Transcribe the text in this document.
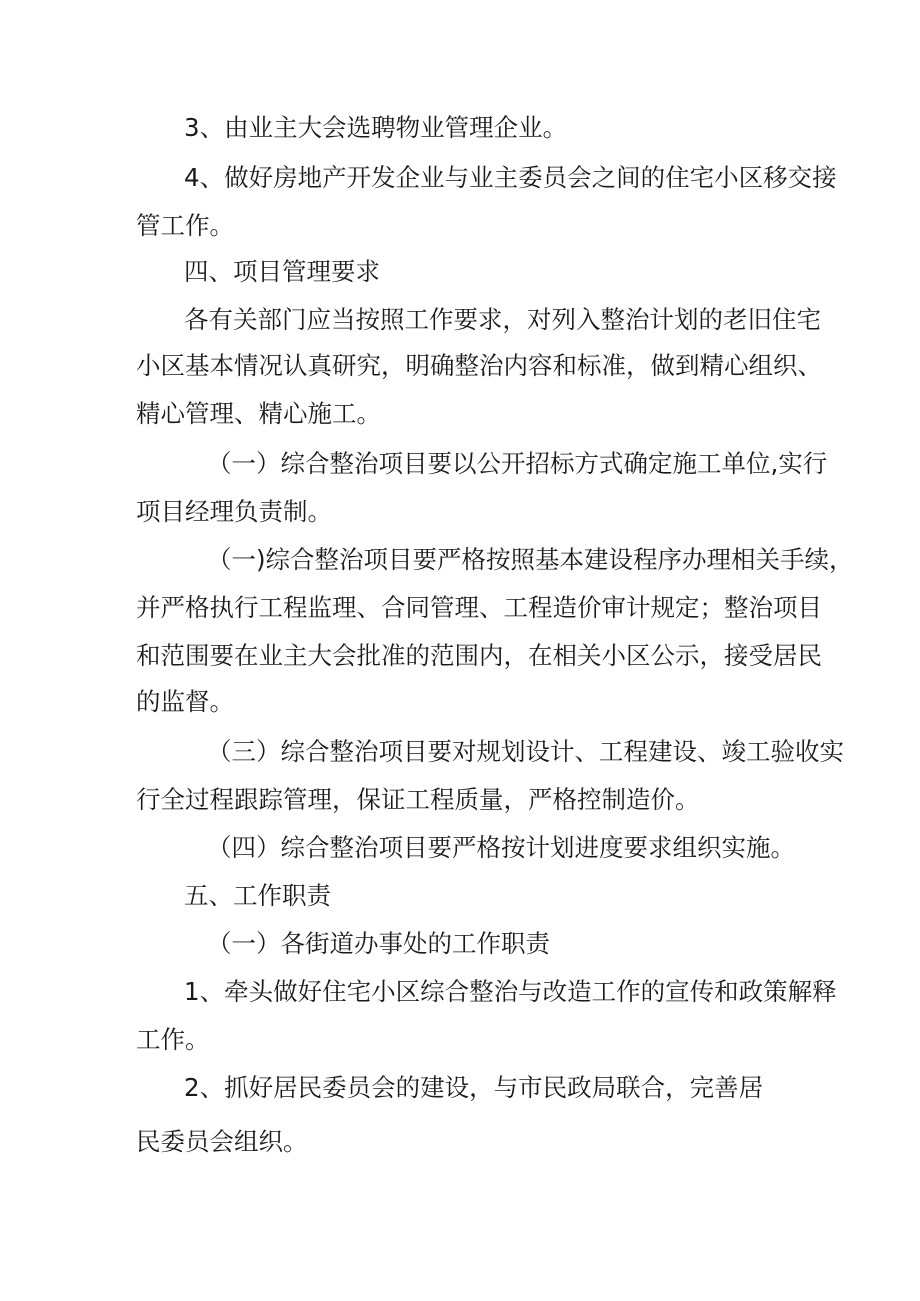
3、由业主大会选聘物业管理企业。

4、做好房地产开发企业与业主委员会之间的住宅小区移交接

管工作。

四、项目管理要求

各有关部门应当按照工作要求，对列入整治计划的老旧住宅

小区基本情况认真研究，明确整治内容和标准，做到精心组织、

精心管理、精心施工。

（一）综合整治项目要以公开招标方式确定施工单位,实行

项目经理负责制。

（一)综合整治项目要严格按照基本建设程序办理相关手续，

并严格执行工程监理、合同管理、工程造价审计规定；整治项目

和范围要在业主大会批准的范围内，在相关小区公示，接受居民

的监督。

（三）综合整治项目要对规划设计、工程建设、竣工验收实

行全过程跟踪管理，保证工程质量，严格控制造价。

（四）综合整治项目要严格按计划进度要求组织实施。

五、工作职责

（一）各街道办事处的工作职责

1、牵头做好住宅小区综合整治与改造工作的宣传和政策解释

工作。

2、抓好居民委员会的建设，与市民政局联合，完善居

民委员会组织。
